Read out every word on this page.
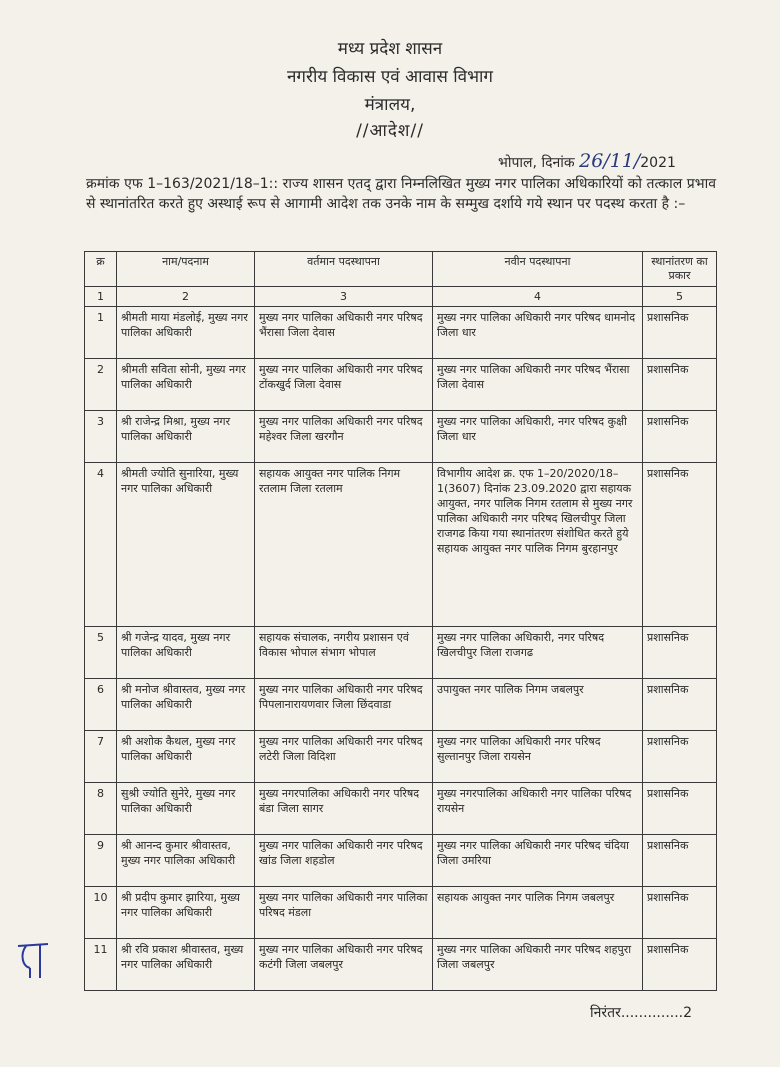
मध्य प्रदेश शासन
नगरीय विकास एवं आवास विभाग
मंत्रालय,
//आदेश//
भोपाल, दिनांक 26/11/2021
क्रमांक एफ 1–163/2021/18–1:: राज्य शासन एतद् द्वारा निम्नलिखित मुख्य नगर पालिका अधिकारियों को तत्काल प्रभाव से स्थानांतरित करते हुए अस्थाई रूप से आगामी आदेश तक उनके नाम के सम्मुख दर्शाये गये स्थान पर पदस्थ करता है :–
क्र	नाम/पदनाम	वर्तमान पदस्थापना	नवीन पदस्थापना	स्थानांतरण का प्रकार
1	2	3	4	5
1	श्रीमती माया मंडलोई, मुख्य नगर पालिका अधिकारी	मुख्य नगर पालिका अधिकारी नगर परिषद भैंरासा जिला देवास	मुख्य नगर पालिका अधिकारी नगर परिषद धामनोद जिला धार	प्रशासनिक
2	श्रीमती सविता सोनी, मुख्य नगर पालिका अधिकारी	मुख्य नगर पालिका अधिकारी नगर परिषद टोंकखुर्द जिला देवास	मुख्य नगर पालिका अधिकारी नगर परिषद भैंरासा जिला देवास	प्रशासनिक
3	श्री राजेन्द्र मिश्रा, मुख्य नगर पालिका अधिकारी	मुख्य नगर पालिका अधिकारी नगर परिषद महेश्वर जिला खरगौन	मुख्य नगर पालिका अधिकारी, नगर परिषद कुक्षी जिला धार	प्रशासनिक
4	श्रीमती ज्योति सुनारिया, मुख्य नगर पालिका अधिकारी	सहायक आयुक्त नगर पालिक निगम रतलाम जिला रतलाम	विभागीय आदेश क्र. एफ 1–20/2020/18–1(3607) दिनांक 23.09.2020 द्वारा सहायक आयुक्त, नगर पालिक निगम रतलाम से मुख्य नगर पालिका अधिकारी नगर परिषद खिलचीपुर जिला राजगढ किया गया स्थानांतरण संशोधित करते हुये सहायक आयुक्त नगर पालिक निगम बुरहानपुर	प्रशासनिक
5	श्री गजेन्द्र यादव, मुख्य नगर पालिका अधिकारी	सहायक संचालक, नगरीय प्रशासन एवं विकास भोपाल संभाग भोपाल	मुख्य नगर पालिका अधिकारी, नगर परिषद खिलचीपुर जिला राजगढ	प्रशासनिक
6	श्री मनोज श्रीवास्तव, मुख्य नगर पालिका अधिकारी	मुख्य नगर पालिका अधिकारी नगर परिषद पिपलानारायणवार जिला छिंदवाडा	उपायुक्त नगर पालिक निगम जबलपुर	प्रशासनिक
7	श्री अशोक कैथल, मुख्य नगर पालिका अधिकारी	मुख्य नगर पालिका अधिकारी नगर परिषद लटेरी जिला विदिशा	मुख्य नगर पालिका अधिकारी नगर परिषद सुल्तानपुर जिला रायसेन	प्रशासनिक
8	सुश्री ज्योति सुनेरे, मुख्य नगर पालिका अधिकारी	मुख्य नगरपालिका अधिकारी नगर परिषद बंडा जिला सागर	मुख्य नगरपालिका अधिकारी नगर पालिका परिषद रायसेन	प्रशासनिक
9	श्री आनन्द कुमार श्रीवास्तव, मुख्य नगर पालिका अधिकारी	मुख्य नगर पालिका अधिकारी नगर परिषद खांड जिला शहडोल	मुख्य नगर पालिका अधिकारी नगर परिषद चंदिया जिला उमरिया	प्रशासनिक
10	श्री प्रदीप कुमार झारिया, मुख्य नगर पालिका अधिकारी	मुख्य नगर पालिका अधिकारी नगर पालिका परिषद मंडला	सहायक आयुक्त नगर पालिक निगम जबलपुर	प्रशासनिक
11	श्री रवि प्रकाश श्रीवास्तव, मुख्य नगर पालिका अधिकारी	मुख्य नगर पालिका अधिकारी नगर परिषद कटंगी जिला जबलपुर	मुख्य नगर पालिका अधिकारी नगर परिषद शहपुरा जिला जबलपुर	प्रशासनिक
निरंतर..............2
